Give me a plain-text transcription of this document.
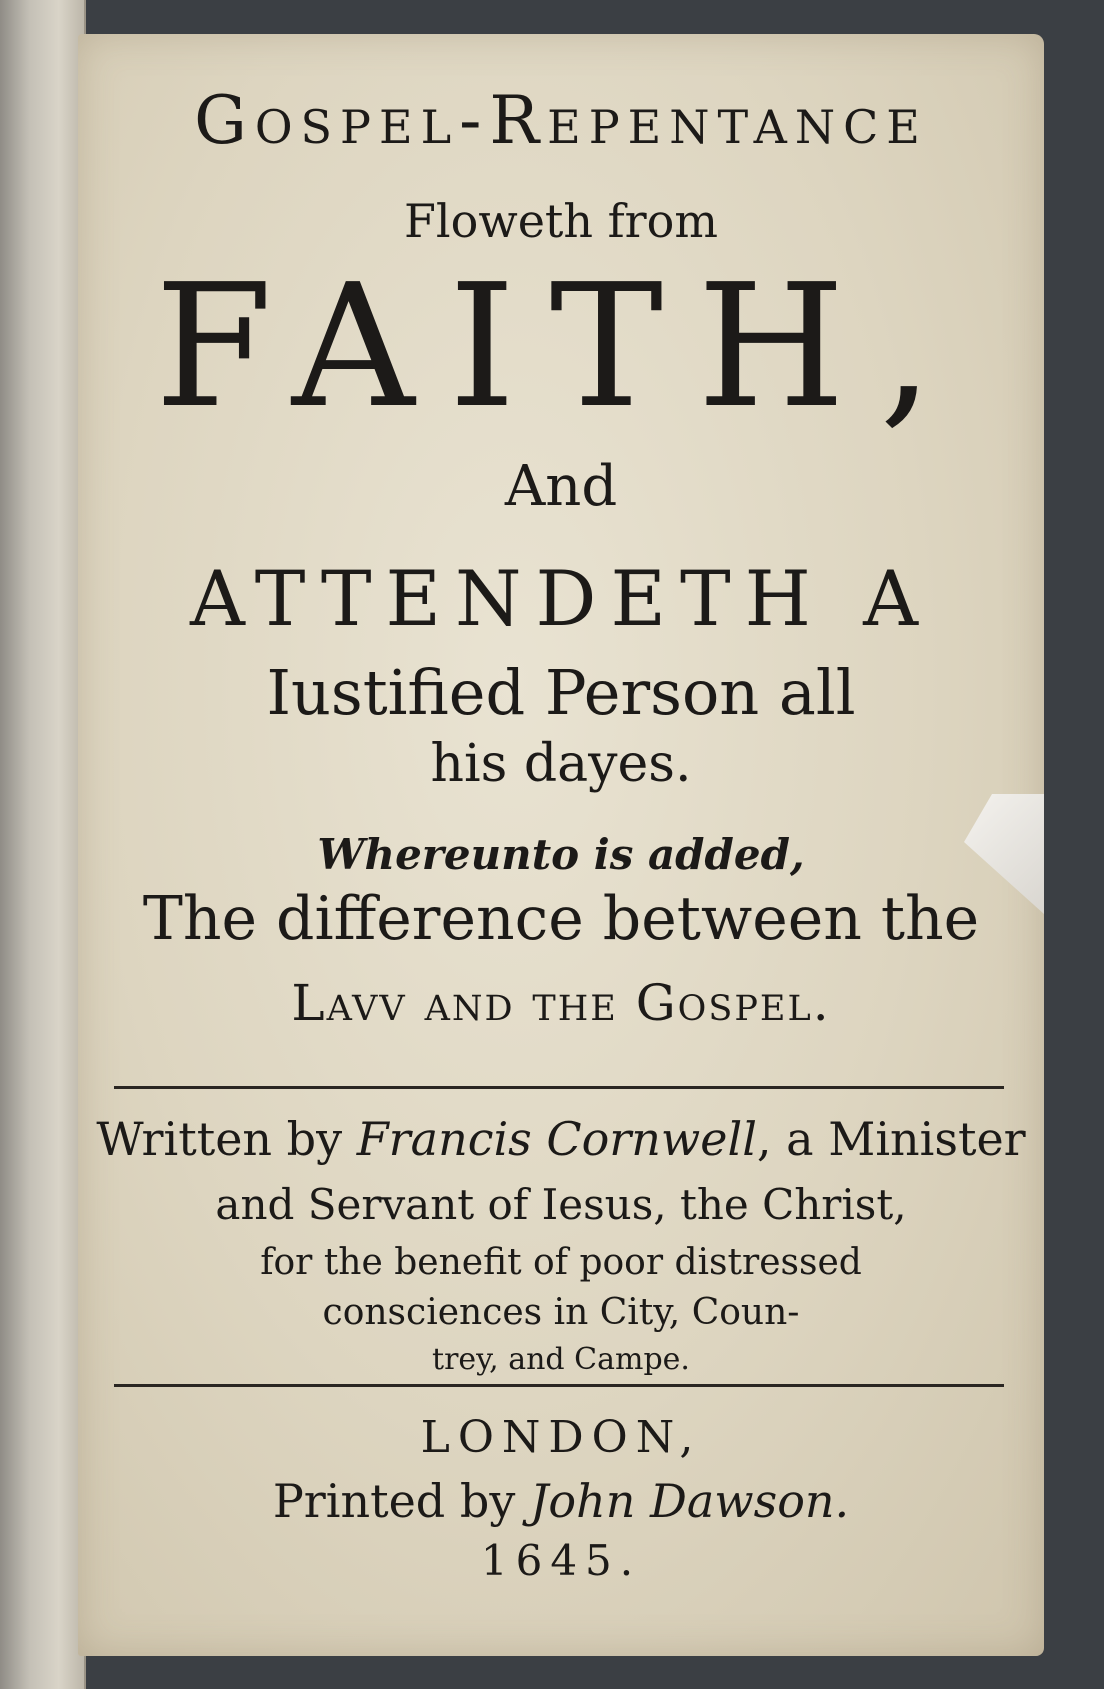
Gospel-Repentance
Floweth from
FAITH,
And
ATTENDETH A
Iustified Person all
his dayes.
Whereunto is added,
The difference between the
Lavv and the Gospel.
Written by Francis Cornwell, a Minister
and Servant of Iesus, the Christ,
for the benefit of poor distressed
consciences in City, Coun-
trey, and Campe.
LONDON,
Printed by John Dawson.
1645.
